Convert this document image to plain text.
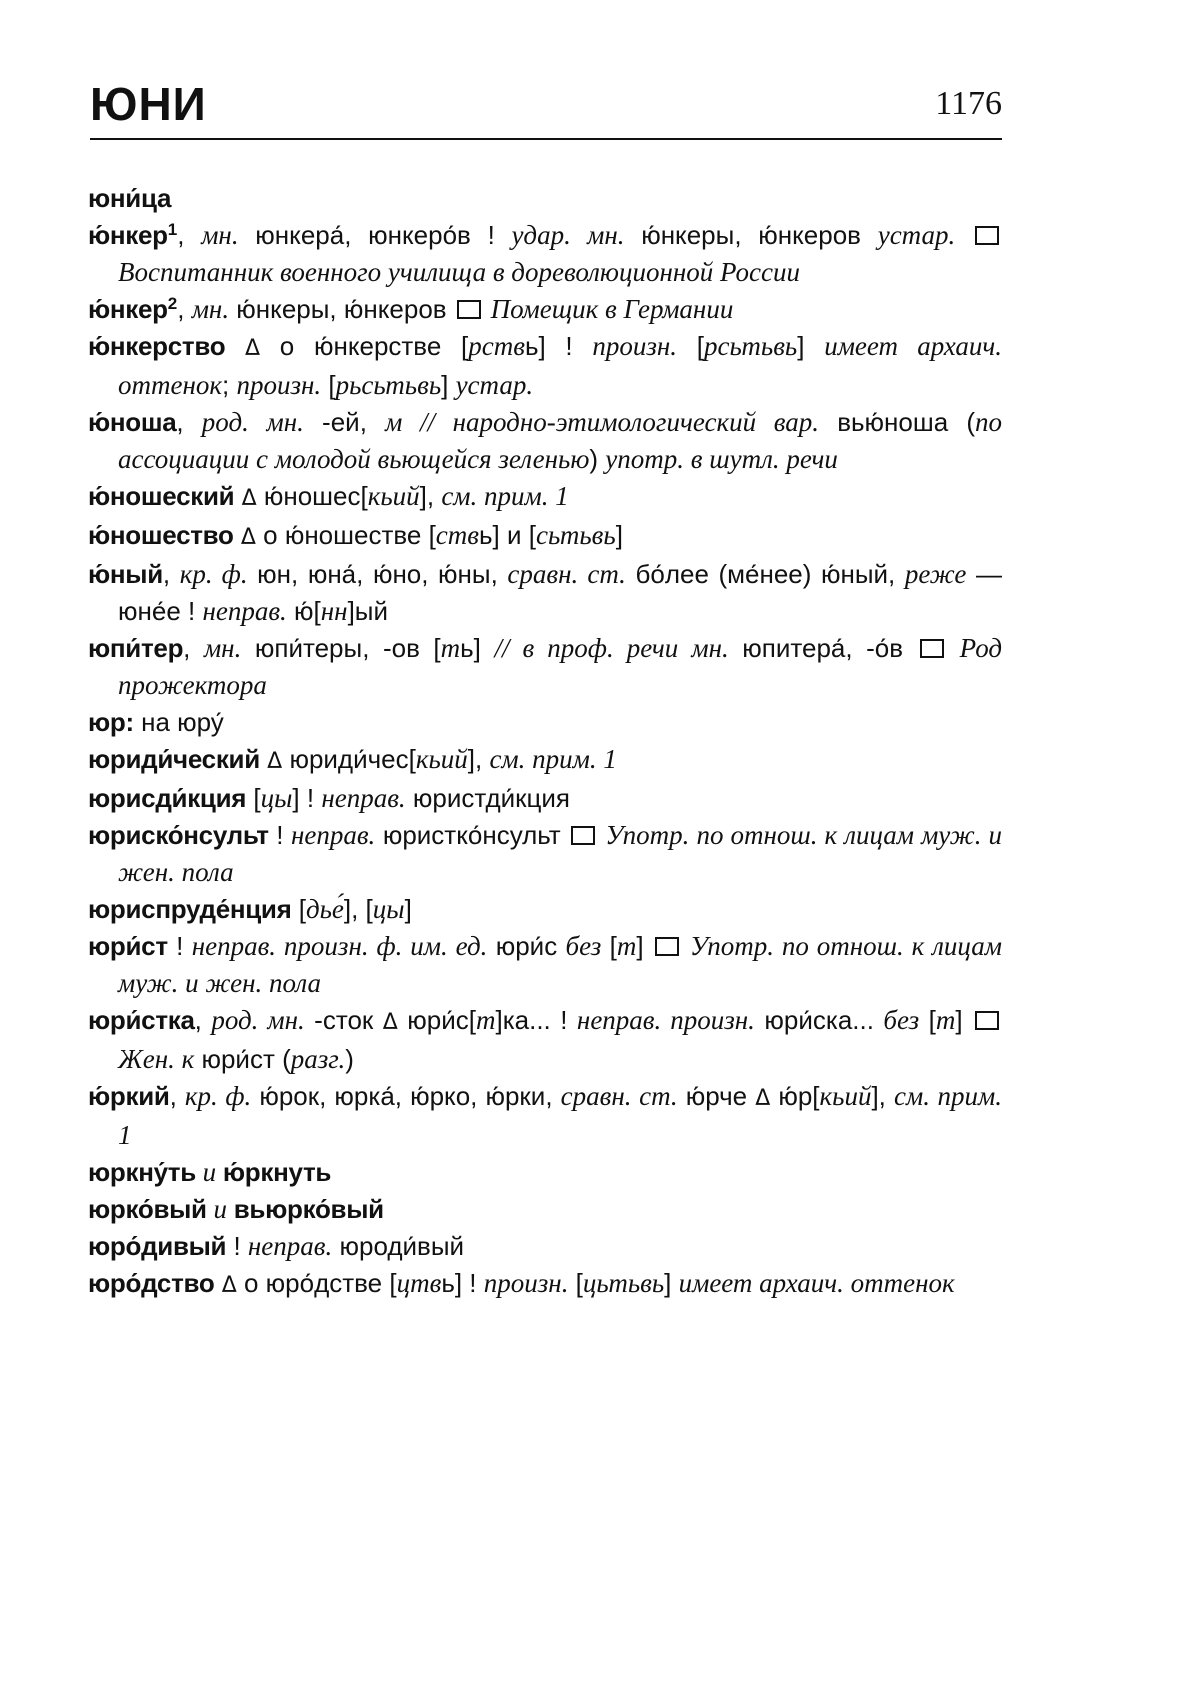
ЮНИ	1176

юни́ца

ю́нкер$^1$, мн. юнкера́, юнкеро́в ! удар. мн. ю́нкеры, ю́нкеров устар.  Воспитанник военного училища в дореволюционной России

ю́нкер$^2$, мн. ю́нкеры, ю́нкеров  Помещик в Германии

ю́нкерство Δ о ю́нкерстве [рствь] ! произн. [рсьтьвь] имеет архаич. оттенок; произн. [рьсьтьвь] устар.

ю́ноша, род. мн. -ей, м // народно-этимологический вар. вью́ноша (по ассоциации с молодой вьющейся зеленью) употр. в шутл. речи

ю́ношеский Δ ю́ношес[кьий], см. прим. 1

ю́ношество Δ о ю́ношестве [ствь] и [сьтьвь]

ю́ный, кр. ф. юн, юна́, ю́но, ю́ны, сравн. ст. бо́лее (ме́нее) ю́ный, реже — юне́е ! неправ. ю́[нн]ый

юпи́тер, мн. юпи́теры, -ов [ть] // в проф. речи мн. юпитера́, -о́в  Род прожектора

юр: на юру́

юриди́ческий Δ юриди́чес[кьий], см. прим. 1

юрисди́кция [цы] ! неправ. юристди́кция

юриско́нсульт ! неправ. юристко́нсульт  Употр. по отнош. к лицам муж. и жен. пола

юриспруде́нция [дье́], [цы]

юри́ст ! неправ. произн. ф. им. ед. юри́с без [т]  Употр. по отнош. к лицам муж. и жен. пола

юри́стка, род. мн. -сток Δ юри́с[т]ка... ! неправ. произн. юри́ска... без [т]  Жен. к юри́ст (разг.)

ю́ркий, кр. ф. ю́рок, юрка́, ю́рко, ю́рки, сравн. ст. ю́рче Δ ю́р[кьий], см. прим. 1

юркну́ть и ю́ркнуть

юрко́вый и вьюрко́вый

юро́дивый ! неправ. юроди́вый

юро́дство Δ о юро́дстве [цтвь] ! произн. [цьтьвь] имеет архаич. оттенок
